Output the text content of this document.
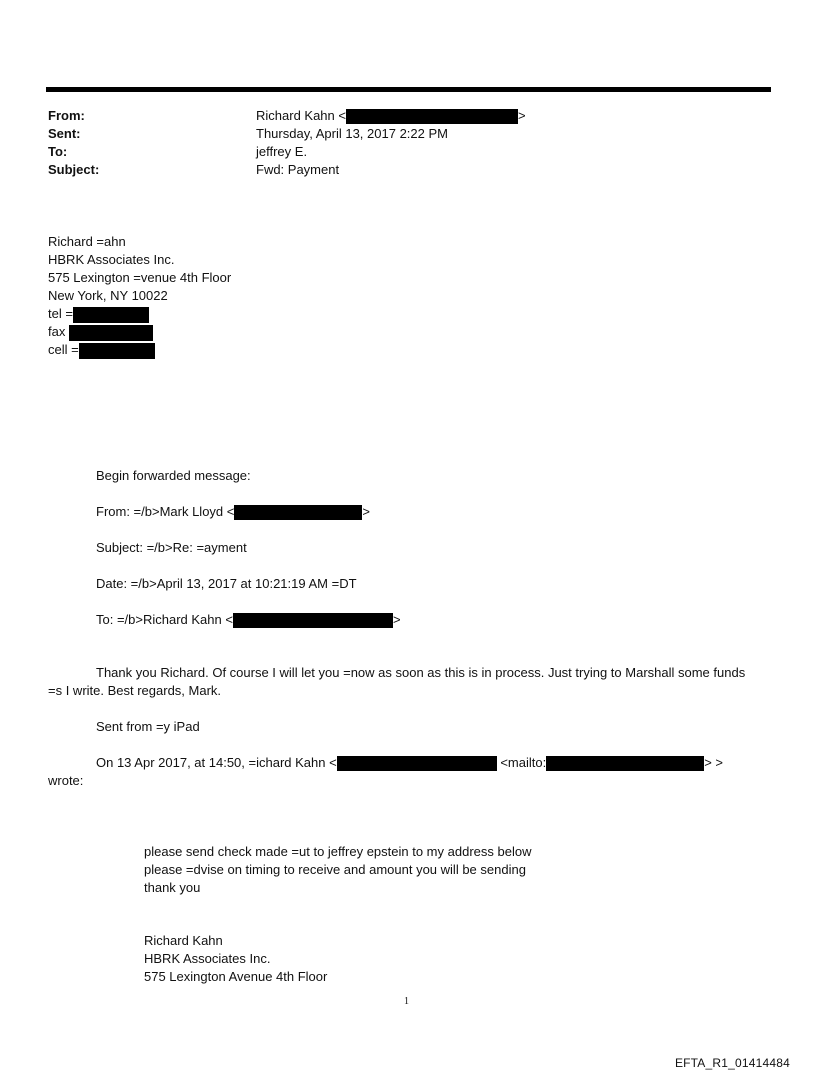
From:	Richard Kahn <	>
Sent:	Thursday, April 13, 2017 2:22 PM
To:	jeffrey E.
Subject:	Fwd: Payment
Richard =ahn
HBRK Associates Inc.
575 Lexington =venue 4th Floor
New York, NY 10022
tel =
fax
cell =
Begin forwarded message:
From: =/b>Mark Lloyd <	>
Subject: =/b>Re: =ayment
Date: =/b>April 13, 2017 at 10:21:19 AM =DT
To: =/b>Richard Kahn <	>
Thank you Richard. Of course I will let you =now as soon as this is in process. Just trying to Marshall some funds
=s I write. Best regards, Mark.
Sent from =y iPad
On 13 Apr 2017, at 14:50, =ichard Kahn <	<mailto:	> >
wrote:
please send check made =ut to jeffrey epstein to my address below
please =dvise on timing to receive and amount you will be sending
thank you
Richard Kahn
HBRK Associates Inc.
575 Lexington Avenue 4th Floor
1
EFTA_R1_01414484
